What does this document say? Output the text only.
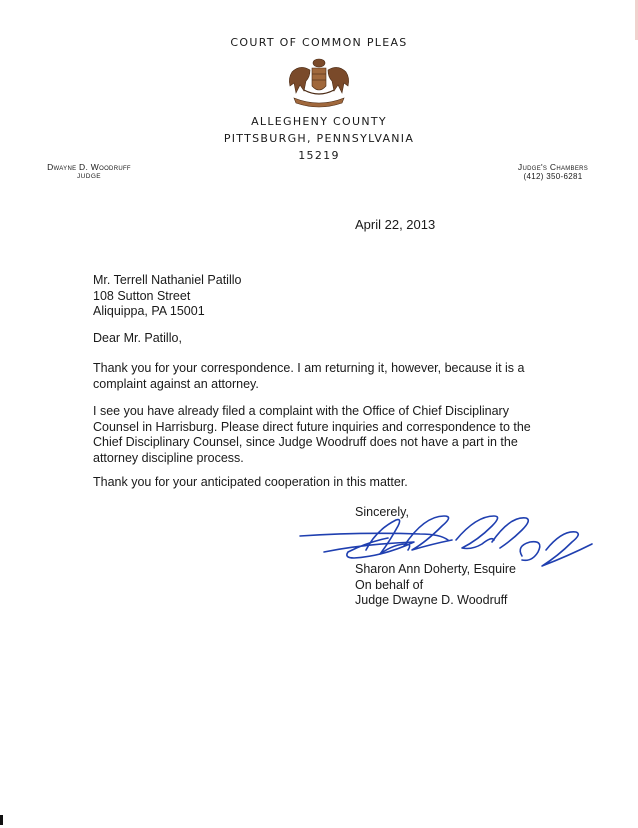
COURT OF COMMON PLEAS
ALLEGHENY COUNTY
PITTSBURGH, PENNSYLVANIA
15219
Dwayne D. Woodruff
JUDGE
Judge's Chambers
(412) 350-6281
April 22, 2013
Mr. Terrell Nathaniel Patillo
108 Sutton Street
Aliquippa, PA 15001
Dear Mr. Patillo,
Thank you for your correspondence. I am returning it, however, because it is a complaint against an attorney.
I see you have already filed a complaint with the Office of Chief Disciplinary Counsel in Harrisburg. Please direct future inquiries and correspondence to the Chief Disciplinary Counsel, since Judge Woodruff does not have a part in the attorney discipline process.
Thank you for your anticipated cooperation in this matter.
Sincerely,
Sharon Ann Doherty, Esquire
On behalf of
Judge Dwayne D. Woodruff
